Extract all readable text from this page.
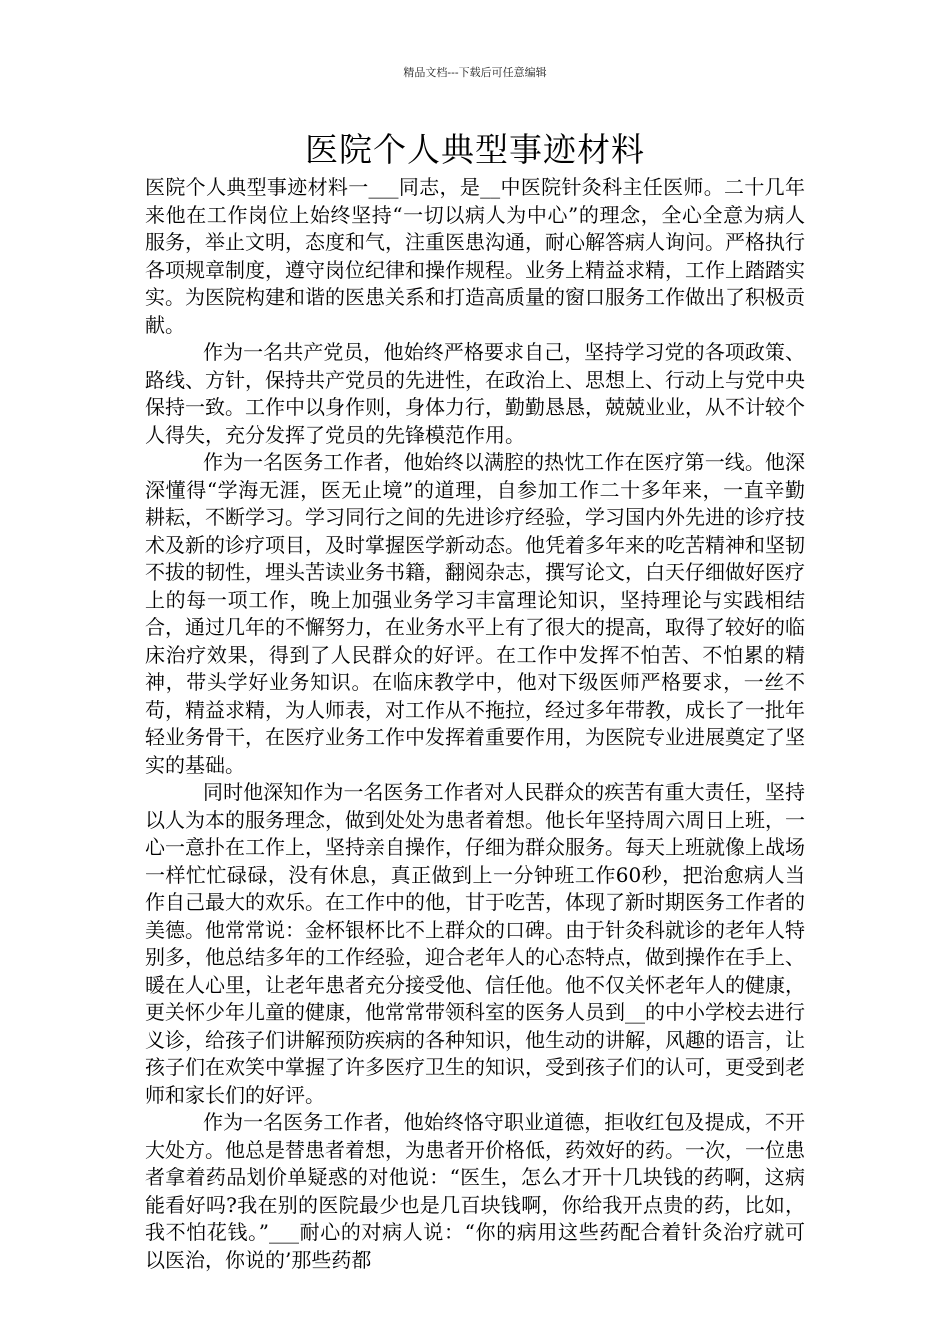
精品文档---下载后可任意编辑
医院个人典型事迹材料

医院个人典型事迹材料一___同志，是__中医院针灸科主任医师。二十几年来他在工作岗位上始终坚持“一切以病人为中心”的理念，全心全意为病人服务，举止文明，态度和气，注重医患沟通，耐心解答病人询问。严格执行各项规章制度，遵守岗位纪律和操作规程。业务上精益求精，工作上踏踏实实。为医院构建和谐的医患关系和打造高质量的窗口服务工作做出了积极贡献。

作为一名共产党员，他始终严格要求自己，坚持学习党的各项政策、路线、方针，保持共产党员的先进性，在政治上、思想上、行动上与党中央保持一致。工作中以身作则，身体力行，勤勤恳恳，兢兢业业，从不计较个人得失，充分发挥了党员的先锋模范作用。

作为一名医务工作者，他始终以满腔的热忱工作在医疗第一线。他深深懂得“学海无涯，医无止境”的道理，自参加工作二十多年来，一直辛勤耕耘，不断学习。学习同行之间的先进诊疗经验，学习国内外先进的诊疗技术及新的诊疗项目，及时掌握医学新动态。他凭着多年来的吃苦精神和坚韧不拔的韧性，埋头苦读业务书籍，翻阅杂志，撰写论文，白天仔细做好医疗上的每一项工作，晚上加强业务学习丰富理论知识，坚持理论与实践相结合，通过几年的不懈努力，在业务水平上有了很大的提高，取得了较好的临床治疗效果，得到了人民群众的好评。在工作中发挥不怕苦、不怕累的精神，带头学好业务知识。在临床教学中，他对下级医师严格要求，一丝不苟，精益求精，为人师表，对工作从不拖拉，经过多年带教，成长了一批年轻业务骨干，在医疗业务工作中发挥着重要作用，为医院专业进展奠定了坚实的基础。

同时他深知作为一名医务工作者对人民群众的疾苦有重大责任，坚持以人为本的服务理念，做到处处为患者着想。他长年坚持周六周日上班，一心一意扑在工作上，坚持亲自操作，仔细为群众服务。每天上班就像上战场一样忙忙碌碌，没有休息，真正做到上一分钟班工作60秒，把治愈病人当作自己最大的欢乐。在工作中的他，甘于吃苦，体现了新时期医务工作者的美德。他常常说：金杯银杯比不上群众的口碑。由于针灸科就诊的老年人特别多，他总结多年的工作经验，迎合老年人的心态特点，做到操作在手上、暖在人心里，让老年患者充分接受他、信任他。他不仅关怀老年人的健康，更关怀少年儿童的健康，他常常带领科室的医务人员到__的中小学校去进行义诊，给孩子们讲解预防疾病的各种知识，他生动的讲解，风趣的语言，让孩子们在欢笑中掌握了许多医疗卫生的知识，受到孩子们的认可，更受到老师和家长们的好评。

作为一名医务工作者，他始终恪守职业道德，拒收红包及提成，不开大处方。他总是替患者着想，为患者开价格低，药效好的药。一次，一位患者拿着药品划价单疑惑的对他说：“医生，怎么才开十几块钱的药啊，这病能看好吗?我在别的医院最少也是几百块钱啊，你给我开点贵的药，比如，我不怕花钱。”___耐心的对病人说：“你的病用这些药配合着针灸治疗就可以医治，你说的’那些药都
